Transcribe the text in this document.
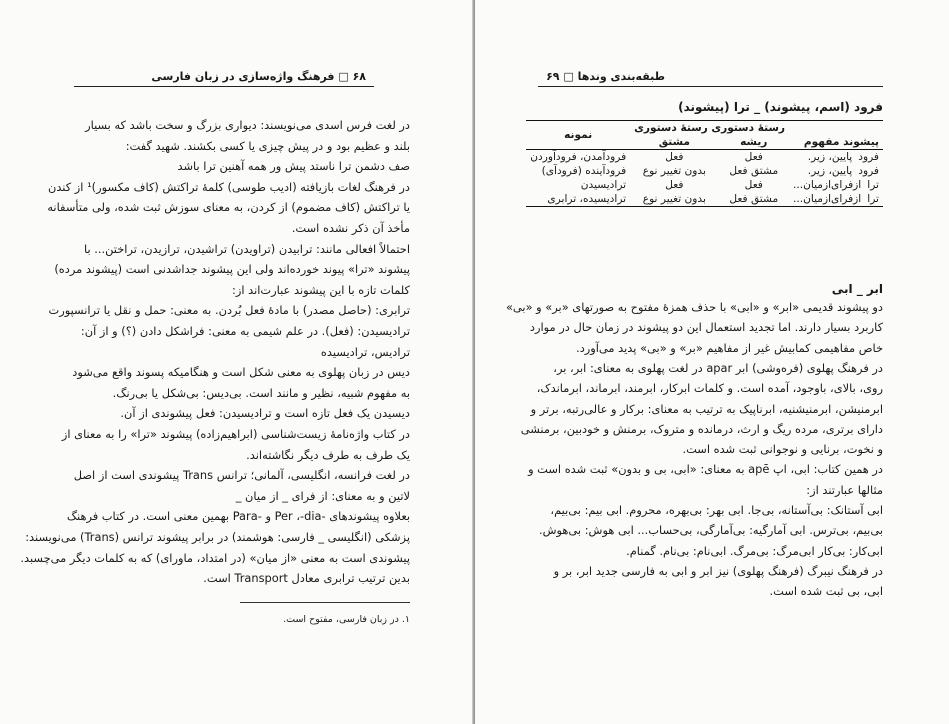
۶۸ □ فرهنگ واژه‌سازی در زبان فارسی
در لغت فرس اسدی می‌نویسند: دیواری بزرگ و سخت باشد که بسیار
بلند و عظیم بود و در پیش چیزی یا کسی بکشند. شهید گفت:
صف دشمن ترا ناستد پیش ور همه آهنین ترا باشد
در فرهنگ لغات بازیافته (ادیب طوسی) کلمهٔ تراکتش (کاف مکسور)¹ از کندن
یا تراکتش (کاف مضموم) از کردن، به معنای سوزش ثبت شده، ولی متأسفانه
مأخذ آن ذکر نشده است.
احتمالاً افعالی مانند: ترابیدن (تراویدن) تراشیدن، ترازیدن، تراختن... با
پیشوند «ترا» پیوند خورده‌اند ولی این پیشوند جداشدنی است (پیشوند مرده)
کلمات تازه با این پیشوند عبارت‌اند از:
ترابری: (حاصل مصدر) با مادهٔ فعل بُردن. به معنی: حمل و نقل یا ترانسپورت
ترادیسیدن: (فعل). در علم شیمی به معنی: فراشکل دادن (؟) و از آن:
ترادیس، ترادیسیده
دیس در زبان پهلوی به معنی شکل است و هنگامیکه پسوند واقع می‌شود
به مفهوم شبیه، نظیر و مانند است. بی‌دیس: بی‌شکل یا بی‌رنگ.
دیسیدن یک فعل تازه است و ترادیسیدن: فعل پیشوندی از آن.
در کتاب واژه‌نامهٔ زیست‌شناسی (ابراهیم‌زاده) پیشوند «ترا» را به معنای از
یک طرف به طرف دیگر نگاشته‌اند.
در لغت فرانسه، انگلیسی، آلمانی؛ ترانس Trans پیشوندی است از اصل
لاتین و به معنای: از فرای _ از میان _
بعلاوه پیشوندهای -Per ،-dia و -Para بهمین معنی است. در کتاب فرهنگ
پزشکی (انگلیسی _ فارسی: هوشمند) در برابر پیشوند ترانس (Trans) می‌نویسند:
پیشوندی است به معنی «از میان» (در امتداد، ماورای) که به کلمات دیگر می‌چسبد.
بدین ترتیب ترابری معادل Transport است.
۱. در زبان فارسی، مفتوح است.
طبقه‌بندی وندها □ ۶۹
فرود (اسم، پیشوند) _ ترا (پیشوند)
پیشوند مفهوم	رستهٔ دستوری رستهٔ دستوری		نمونه
	ریشه	مشتق	
فرودپایین، زیر.	فعل	فعل	فرودآمدن، فرودآوردن
فرودپایین، زیر.	مشتق فعل	بدون تغییر نوع	فرودآینده (فرودآی)
تراازفرای‌ازمیان...	فعل	فعل	ترادیسیدن
تراازفرای‌ازمیان...	مشتق فعل	بدون تغییر نوع	ترادیسیده، ترابری
ابر _ ابی
دو پیشوند قدیمی «ابر» و «ابی» با حذف همزهٔ مفتوح به صورتهای «بر» و «بی»
کاربرد بسیار دارند. اما تجدید استعمال این دو پیشوند در زمان حال در موارد
خاص مفاهیمی کمابیش غیر از مفاهیم «بر» و «بی» پدید می‌آورد.
در فرهنگ پهلوی (فره‌وشی) ابر apar در لغت پهلوی به معنای: ابر، بر،
روی، بالای، باوجود، آمده است. و کلمات ابرکار، ابرمند، ابرماند، ابرماندک،
ابرمنیشن، ابرمنیشنیه، ابرناپیک به ترتیب به معنای: برکار و عالی‌رتبه، برتر و
دارای برتری، مرده ریگ و ارث، درمانده و متروک، برمنش و خودبین، برمنشی
و نخوت، برنایی و نوجوانی ثبت شده است.
در همین کتاب: ابی، اپ apē به معنای: «ابی، بی و بدون» ثبت شده است و
مثالها عبارتند از:
ابی آستانک: بی‌آستانه، بی‌جا. ابی بهر: بی‌بهره، محروم. ابی بیم: بی‌بیم،
بی‌بیم، بی‌ترس. ابی آمارگیه: بی‌آمارگی، بی‌حساب... ابی هوش: بی‌هوش.
ابی‌کار: بی‌کار ابی‌مرگ: بی‌مرگ. ابی‌نام: بی‌نام. گمنام.
در فرهنگ نیبرگ (فرهنگ پهلوی) نیز ابر و ابی به فارسی جدید ابر، بر و
ابی، بی ثبت شده است.
